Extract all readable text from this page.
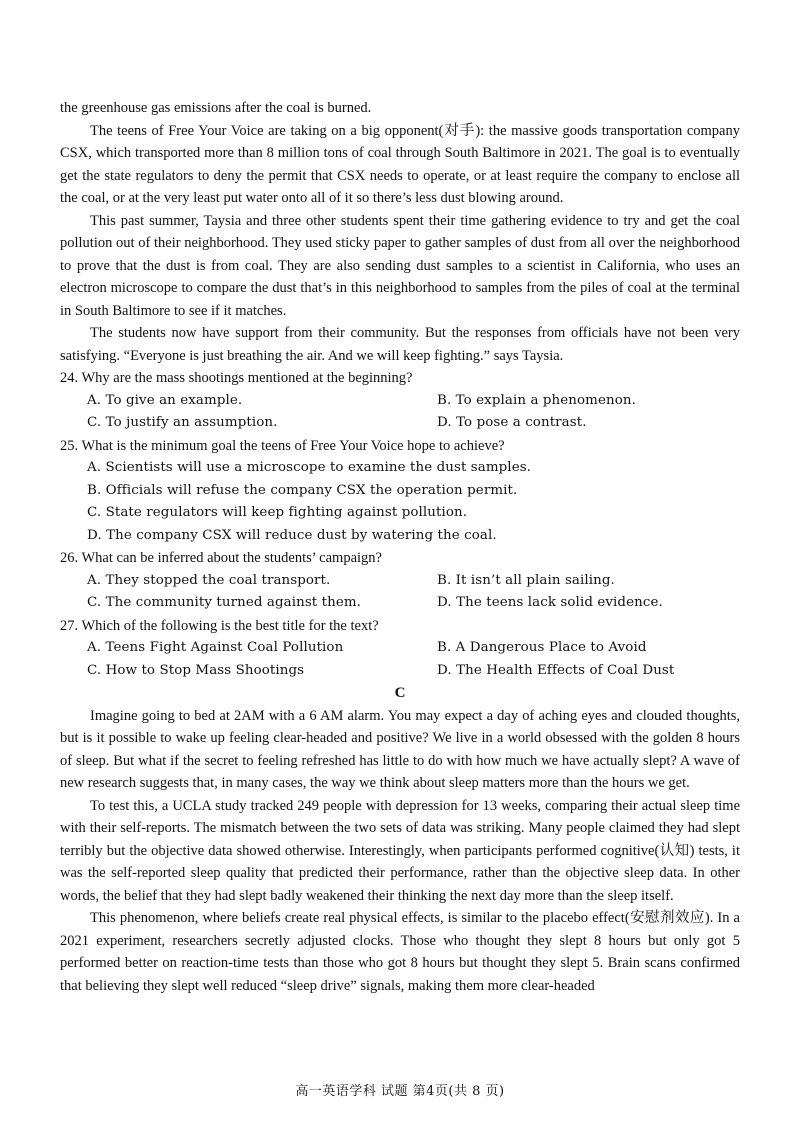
the greenhouse gas emissions after the coal is burned.

The teens of Free Your Voice are taking on a big opponent(对手): the massive goods transportation company CSX, which transported more than 8 million tons of coal through South Baltimore in 2021. The goal is to eventually get the state regulators to deny the permit that CSX needs to operate, or at least require the company to enclose all the coal, or at the very least put water onto all of it so there’s less dust blowing around.

This past summer, Taysia and three other students spent their time gathering evidence to try and get the coal pollution out of their neighborhood. They used sticky paper to gather samples of dust from all over the neighborhood to prove that the dust is from coal. They are also sending dust samples to a scientist in California, who uses an electron microscope to compare the dust that’s in this neighborhood to samples from the piles of coal at the terminal in South Baltimore to see if it matches.

The students now have support from their community. But the responses from officials have not been very satisfying. “Everyone is just breathing the air. And we will keep fighting.” says Taysia.

24. Why are the mass shootings mentioned at the beginning?

A. To give an example.	B. To explain a phenomenon.
C. To justify an assumption.	D. To pose a contrast.

25. What is the minimum goal the teens of Free Your Voice hope to achieve?

A. Scientists will use a microscope to examine the dust samples.
B. Officials will refuse the company CSX the operation permit.
C. State regulators will keep fighting against pollution.
D. The company CSX will reduce dust by watering the coal.

26. What can be inferred about the students’ campaign?

A. They stopped the coal transport.	B. It isn’t all plain sailing.
C. The community turned against them.	D. The teens lack solid evidence.

27. Which of the following is the best title for the text?

A. Teens Fight Against Coal Pollution	B. A Dangerous Place to Avoid
C. How to Stop Mass Shootings	D. The Health Effects of Coal Dust

C

Imagine going to bed at 2AM with a 6 AM alarm. You may expect a day of aching eyes and clouded thoughts, but is it possible to wake up feeling clear-headed and positive? We live in a world obsessed with the golden 8 hours of sleep. But what if the secret to feeling refreshed has little to do with how much we have actually slept? A wave of new research suggests that, in many cases, the way we think about sleep matters more than the hours we get.

To test this, a UCLA study tracked 249 people with depression for 13 weeks, comparing their actual sleep time with their self-reports. The mismatch between the two sets of data was striking. Many people claimed they had slept terribly but the objective data showed otherwise. Interestingly, when participants performed cognitive(认知) tests, it was the self-reported sleep quality that predicted their performance, rather than the objective sleep data. In other words, the belief that they had slept badly weakened their thinking the next day more than the sleep itself.

This phenomenon, where beliefs create real physical effects, is similar to the placebo effect(安慰剂效应). In a 2021 experiment, researchers secretly adjusted clocks. Those who thought they slept 8 hours but only got 5 performed better on reaction-time tests than those who got 8 hours but thought they slept 5. Brain scans confirmed that believing they slept well reduced “sleep drive” signals, making them more clear-headed

高一英语学科 试题 第4页(共 8 页)
